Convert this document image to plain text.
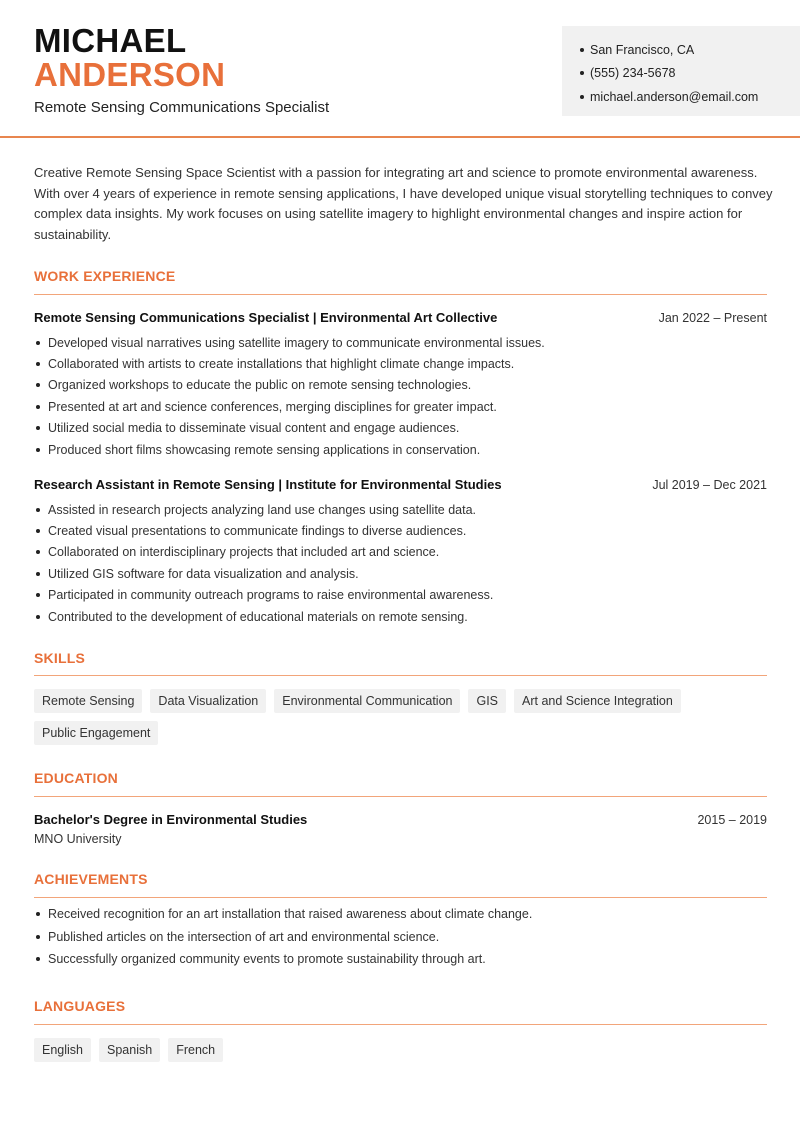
MICHAEL
ANDERSON
Remote Sensing Communications Specialist
San Francisco, CA
(555) 234-5678
michael.anderson@email.com

Creative Remote Sensing Space Scientist with a passion for integrating art and science to promote environmental awareness. With over 4 years of experience in remote sensing applications, I have developed unique visual storytelling techniques to convey complex data insights. My work focuses on using satellite imagery to highlight environmental changes and inspire action for sustainability.

WORK EXPERIENCE
Remote Sensing Communications Specialist | Environmental Art Collective	Jan 2022 – Present
Developed visual narratives using satellite imagery to communicate environmental issues.
Collaborated with artists to create installations that highlight climate change impacts.
Organized workshops to educate the public on remote sensing technologies.
Presented at art and science conferences, merging disciplines for greater impact.
Utilized social media to disseminate visual content and engage audiences.
Produced short films showcasing remote sensing applications in conservation.
Research Assistant in Remote Sensing | Institute for Environmental Studies	Jul 2019 – Dec 2021
Assisted in research projects analyzing land use changes using satellite data.
Created visual presentations to communicate findings to diverse audiences.
Collaborated on interdisciplinary projects that included art and science.
Utilized GIS software for data visualization and analysis.
Participated in community outreach programs to raise environmental awareness.
Contributed to the development of educational materials on remote sensing.
SKILLS
Remote Sensing	Data Visualization	Environmental Communication	GIS	Art and Science Integration
Public Engagement
EDUCATION
Bachelor's Degree in Environmental Studies	2015 – 2019
MNO University
ACHIEVEMENTS
Received recognition for an art installation that raised awareness about climate change.
Published articles on the intersection of art and environmental science.
Successfully organized community events to promote sustainability through art.
LANGUAGES
English	Spanish	French
